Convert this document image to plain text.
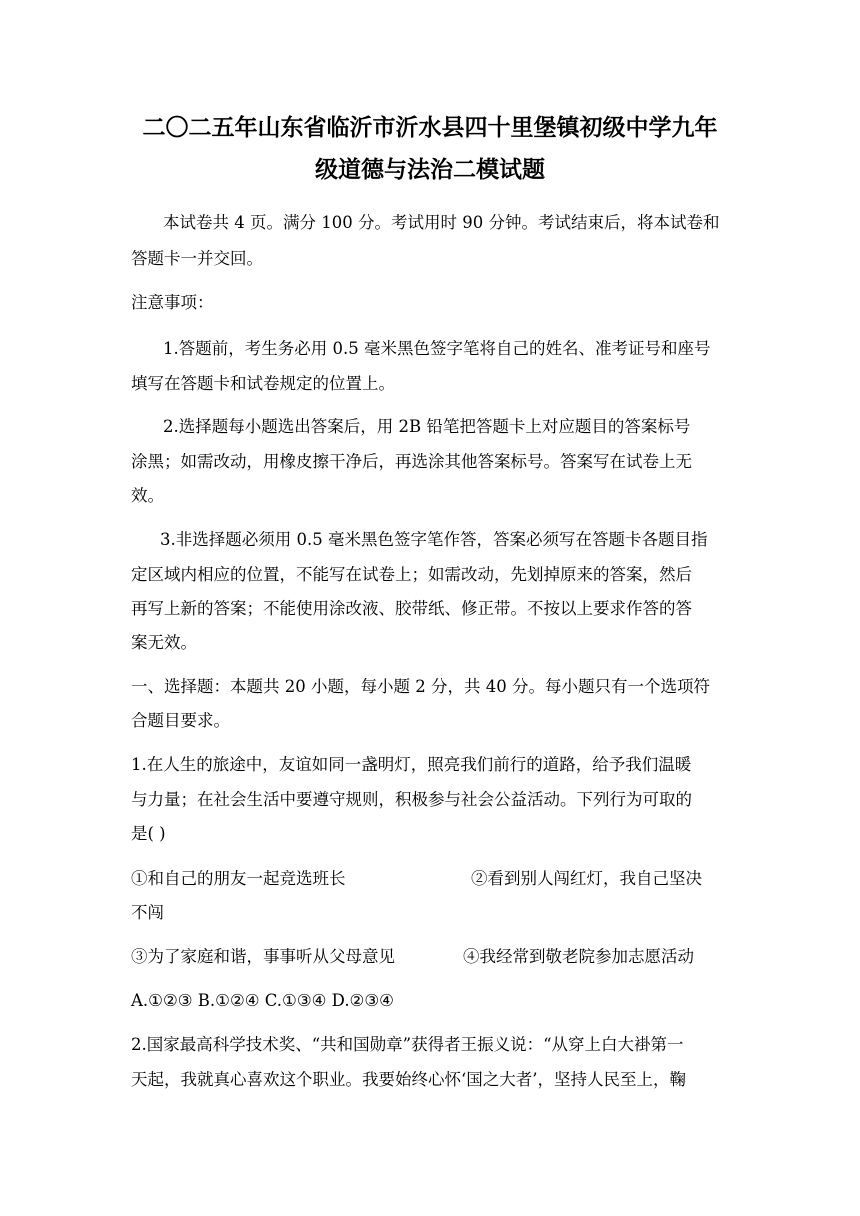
二〇二五年山东省临沂市沂水县四十里堡镇初级中学九年
级道德与法治二模试题
本试卷共 4 页。满分 100 分。考试用时 90 分钟。考试结束后，将本试卷和
答题卡一并交回。
注意事项：
1.答题前，考生务必用 0.5 毫米黑色签字笔将自己的姓名、准考证号和座号
填写在答题卡和试卷规定的位置上。
2.选择题每小题选出答案后，用 2B 铅笔把答题卡上对应题目的答案标号
涂黑；如需改动，用橡皮擦干净后，再选涂其他答案标号。答案写在试卷上无
效。
3.非选择题必须用 0.5 毫米黑色签字笔作答，答案必须写在答题卡各题目指
定区域内相应的位置，不能写在试卷上；如需改动，先划掉原来的答案，然后
再写上新的答案；不能使用涂改液、胶带纸、修正带。不按以上要求作答的答
案无效。
一、选择题：本题共 20 小题，每小题 2 分，共 40 分。每小题只有一个选项符
合题目要求。
1.在人生的旅途中，友谊如同一盏明灯，照亮我们前行的道路，给予我们温暖
与力量；在社会生活中要遵守规则，积极参与社会公益活动。下列行为可取的
是( )
①和自己的朋友一起竞选班长	②看到别人闯红灯，我自己坚决
不闯
③为了家庭和谐，事事听从父母意见	④我经常到敬老院参加志愿活动
A.①②③ B.①②④ C.①③④ D.②③④
2.国家最高科学技术奖、“共和国勋章”获得者王振义说：“从穿上白大褂第一
天起，我就真心喜欢这个职业。我要始终心怀‘国之大者’，坚持人民至上，鞠
